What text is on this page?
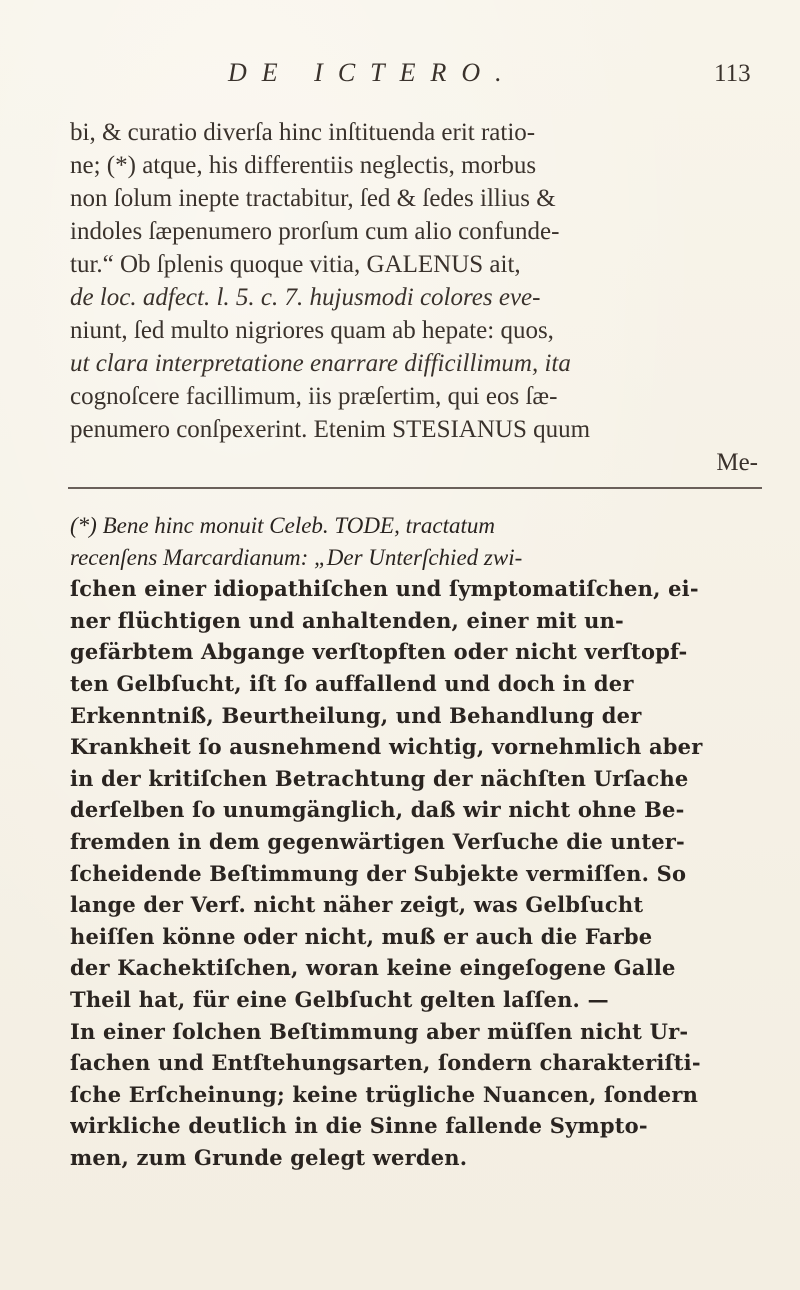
DE ICTERO.	113
bi, & curatio diverſa hinc inſtituenda erit ratio-
ne; (*) atque, his differentiis neglectis, morbus
non ſolum inepte tractabitur, ſed & ſedes illius &
indoles ſæpenumero prorſum cum alio confunde-
tur.“ Ob ſplenis quoque vitia, GALENUS ait,
de loc. adfect. l. 5. c. 7. hujusmodi colores eve-
niunt, ſed multo nigriores quam ab hepate: quos,
ut clara interpretatione enarrare difficillimum, ita
cognoſcere facillimum, iis præſertim, qui eos ſæ-
penumero conſpexerint. Etenim STESIANUS quum
Me-
(*) Bene hinc monuit Celeb. TODE, tractatum
recenſens Marcardianum: „Der Unterſchied zwi-
ſchen einer idiopathiſchen und ſymptomatiſchen, ei-
ner flüchtigen und anhaltenden, einer mit un-
gefärbtem Abgange verſtopften oder nicht verſtopf-
ten Gelbſucht, iſt ſo auffallend und doch in der
Erkenntniß, Beurtheilung, und Behandlung der
Krankheit ſo ausnehmend wichtig, vornehmlich aber
in der kritiſchen Betrachtung der nächſten Urſache
derſelben ſo unumgänglich, daß wir nicht ohne Be-
fremden in dem gegenwärtigen Verſuche die unter-
ſcheidende Beſtimmung der Subjekte vermiſſen. So
lange der Verf. nicht näher zeigt, was Gelbſucht
heiſſen könne oder nicht, muß er auch die Farbe
der Kachektiſchen, woran keine eingeſogene Galle
Theil hat, für eine Gelbſucht gelten laſſen. —
In einer ſolchen Beſtimmung aber müſſen nicht Ur-
ſachen und Entſtehungsarten, ſondern charakteriſti-
ſche Erſcheinung; keine trügliche Nuancen, ſondern
wirkliche deutlich in die Sinne fallende Sympto-
men, zum Grunde gelegt werden.
